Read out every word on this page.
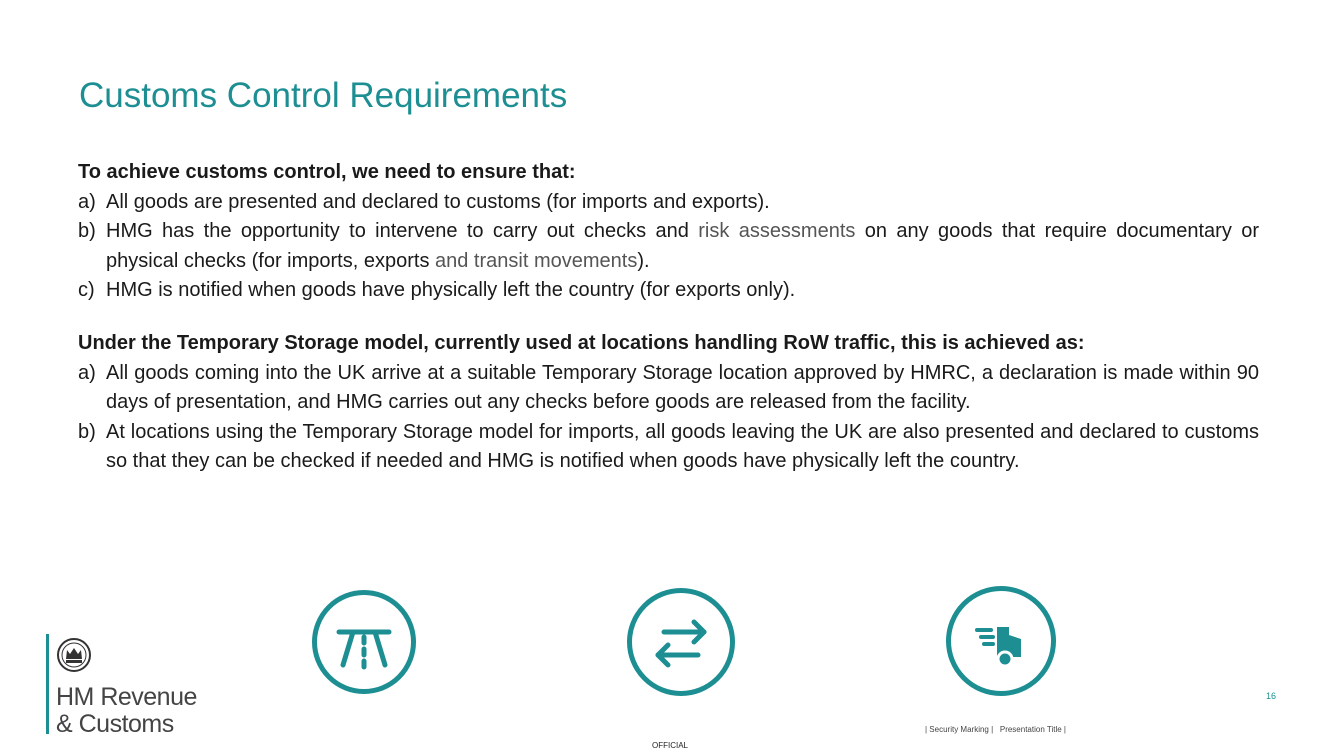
Customs Control Requirements
To achieve customs control, we need to ensure that:
a) All goods are presented and declared to customs (for imports and exports).
b) HMG has the opportunity to intervene to carry out checks and risk assessments on any goods that require documentary or physical checks (for imports, exports and transit movements).
c) HMG is notified when goods have physically left the country (for exports only).
Under the Temporary Storage model, currently used at locations handling RoW traffic, this is achieved as:
a) All goods coming into the UK arrive at a suitable Temporary Storage location approved by HMRC, a declaration is made within 90 days of presentation, and HMG carries out any checks before goods are released from the facility.
b) At locations using the Temporary Storage model for imports, all goods leaving the UK are also presented and declared to customs so that they can be checked if needed and HMG is notified when goods have physically left the country.
HM Revenue
& Customs
16
| Security Marking | Presentation Title |
OFFICIAL
